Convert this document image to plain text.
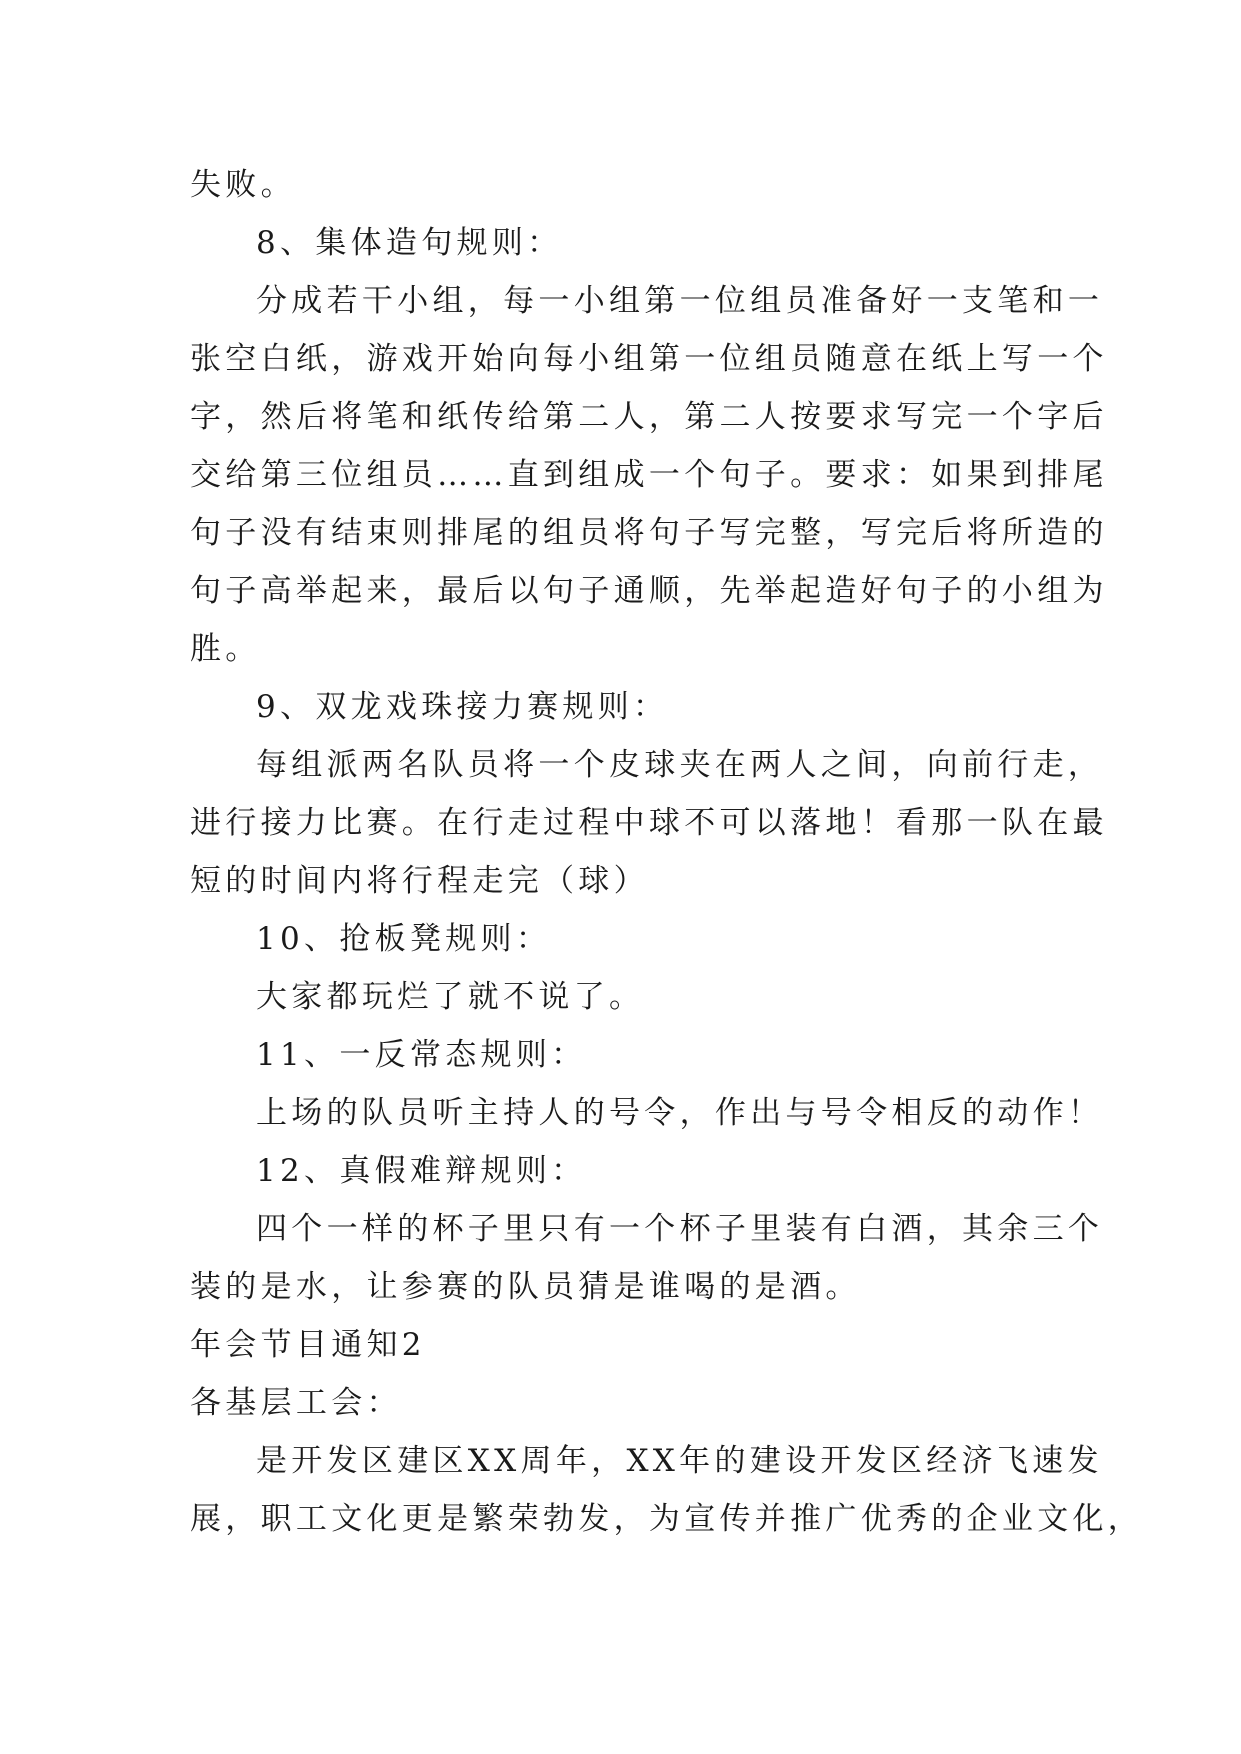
失败。

8、集体造句规则：

分成若干小组，每一小组第一位组员准备好一支笔和一

张空白纸，游戏开始向每小组第一位组员随意在纸上写一个

字，然后将笔和纸传给第二人，第二人按要求写完一个字后

交给第三位组员……直到组成一个句子。要求：如果到排尾

句子没有结束则排尾的组员将句子写完整，写完后将所造的

句子高举起来，最后以句子通顺，先举起造好句子的小组为

胜。

9、双龙戏珠接力赛规则：

每组派两名队员将一个皮球夹在两人之间，向前行走，

进行接力比赛。在行走过程中球不可以落地！看那一队在最

短的时间内将行程走完（球）

10、抢板凳规则：

大家都玩烂了就不说了。

11、一反常态规则：

上场的队员听主持人的号令，作出与号令相反的动作！

12、真假难辩规则：

四个一样的杯子里只有一个杯子里装有白酒，其余三个

装的是水，让参赛的队员猜是谁喝的是酒。

年会节目通知2

各基层工会：

是开发区建区XX周年，XX年的建设开发区经济飞速发

展，职工文化更是繁荣勃发，为宣传并推广优秀的企业文化，
